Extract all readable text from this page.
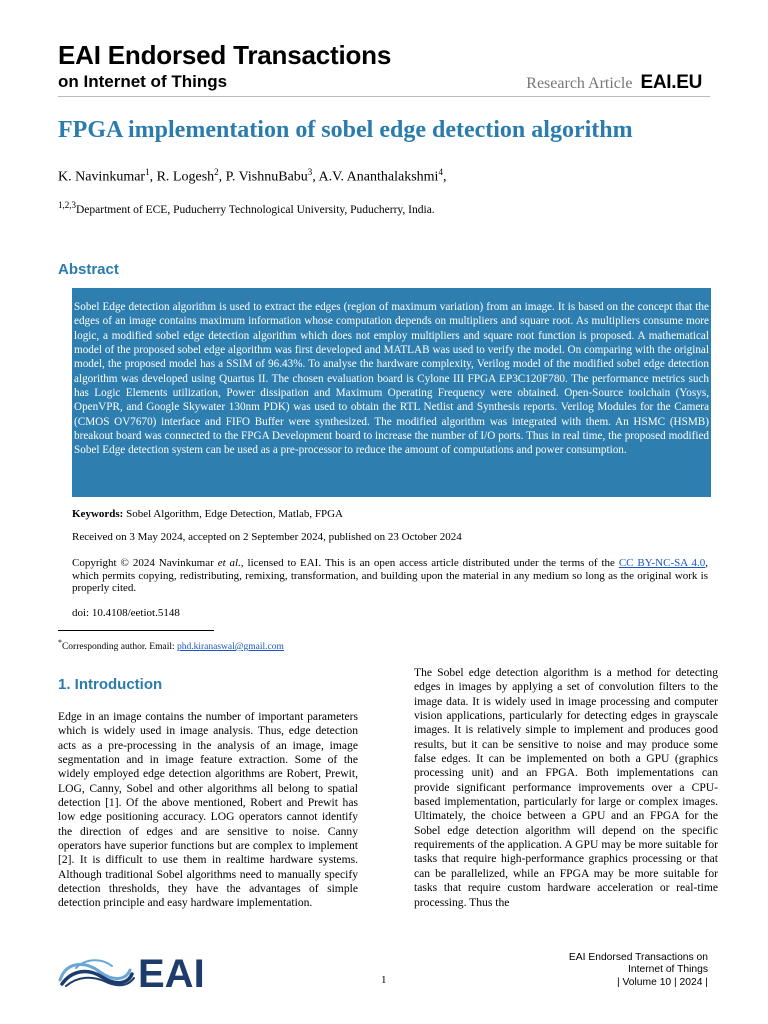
EAI Endorsed Transactions
on Internet of Things	Research Article EAI.EU
FPGA implementation of sobel edge detection algorithm
K. Navinkumar$^1$, R. Logesh$^2$, P. VishnuBabu$^3$, A.V. Ananthalakshmi$^4$,
$^{1,2,3}$Department of ECE, Puducherry Technological University, Puducherry, India.
Abstract

Sobel Edge detection algorithm is used to extract the edges (region of maximum variation) from an image. It is based on the concept that the edges of an image contains maximum information whose computation depends on multipliers and square root. As multipliers consume more logic, a modified sobel edge detection algorithm which does not employ multipliers and square root function is proposed. A mathematical model of the proposed sobel edge algorithm was first developed and MATLAB was used to verify the model. On comparing with the original model, the proposed model has a SSIM of 96.43%. To analyse the hardware complexity, Verilog model of the modified sobel edge detection algorithm was developed using Quartus II. The chosen evaluation board is Cylone III FPGA EP3C120F780. The performance metrics such has Logic Elements utilization, Power dissipation and Maximum Operating Frequency were obtained. Open-Source toolchain (Yosys, OpenVPR, and Google Skywater 130nm PDK) was used to obtain the RTL Netlist and Synthesis reports. Verilog Modules for the Camera (CMOS OV7670) interface and FIFO Buffer were synthesized. The modified algorithm was integrated with them. An HSMC (HSMB) breakout board was connected to the FPGA Development board to increase the number of I/O ports. Thus in real time, the proposed modified Sobel Edge detection system can be used as a pre-processor to reduce the amount of computations and power consumption.

Keywords: Sobel Algorithm, Edge Detection, Matlab, FPGA
Received on 3 May 2024, accepted on 2 September 2024, published on 23 October 2024
Copyright © 2024 Navinkumar et al., licensed to EAI. This is an open access article distributed under the terms of the CC BY-NC-SA 4.0, which permits copying, redistributing, remixing, transformation, and building upon the material in any medium so long as the original work is properly cited.
doi: 10.4108/eetiot.5148
*Corresponding author. Email: phd.kiranaswal@gmail.com
1. Introduction

Edge in an image contains the number of important parameters which is widely used in image analysis. Thus, edge detection acts as a pre-processing in the analysis of an image, image segmentation and in image feature extraction. Some of the widely employed edge detection algorithms are Robert, Prewit, LOG, Canny, Sobel and other algorithms all belong to spatial detection [1]. Of the above mentioned, Robert and Prewit has low edge positioning accuracy. LOG operators cannot identify the direction of edges and are sensitive to noise. Canny operators have superior functions but are complex to implement [2]. It is difficult to use them in realtime hardware systems. Although traditional Sobel algorithms need to manually specify detection thresholds, they have the advantages of simple detection principle and easy hardware implementation.

The Sobel edge detection algorithm is a method for detecting edges in images by applying a set of convolution filters to the image data. It is widely used in image processing and computer vision applications, particularly for detecting edges in grayscale images. It is relatively simple to implement and produces good results, but it can be sensitive to noise and may produce some false edges. It can be implemented on both a GPU (graphics processing unit) and an FPGA. Both implementations can provide significant performance improvements over a CPU-based implementation, particularly for large or complex images. Ultimately, the choice between a GPU and an FPGA for the Sobel edge detection algorithm will depend on the specific requirements of the application. A GPU may be more suitable for tasks that require high-performance graphics processing or that can be parallelized, while an FPGA may be more suitable for tasks that require custom hardware acceleration or real-time processing. Thus the

EAI	1
EAI Endorsed Transactions on
Internet of Things
| Volume 10 | 2024 |
